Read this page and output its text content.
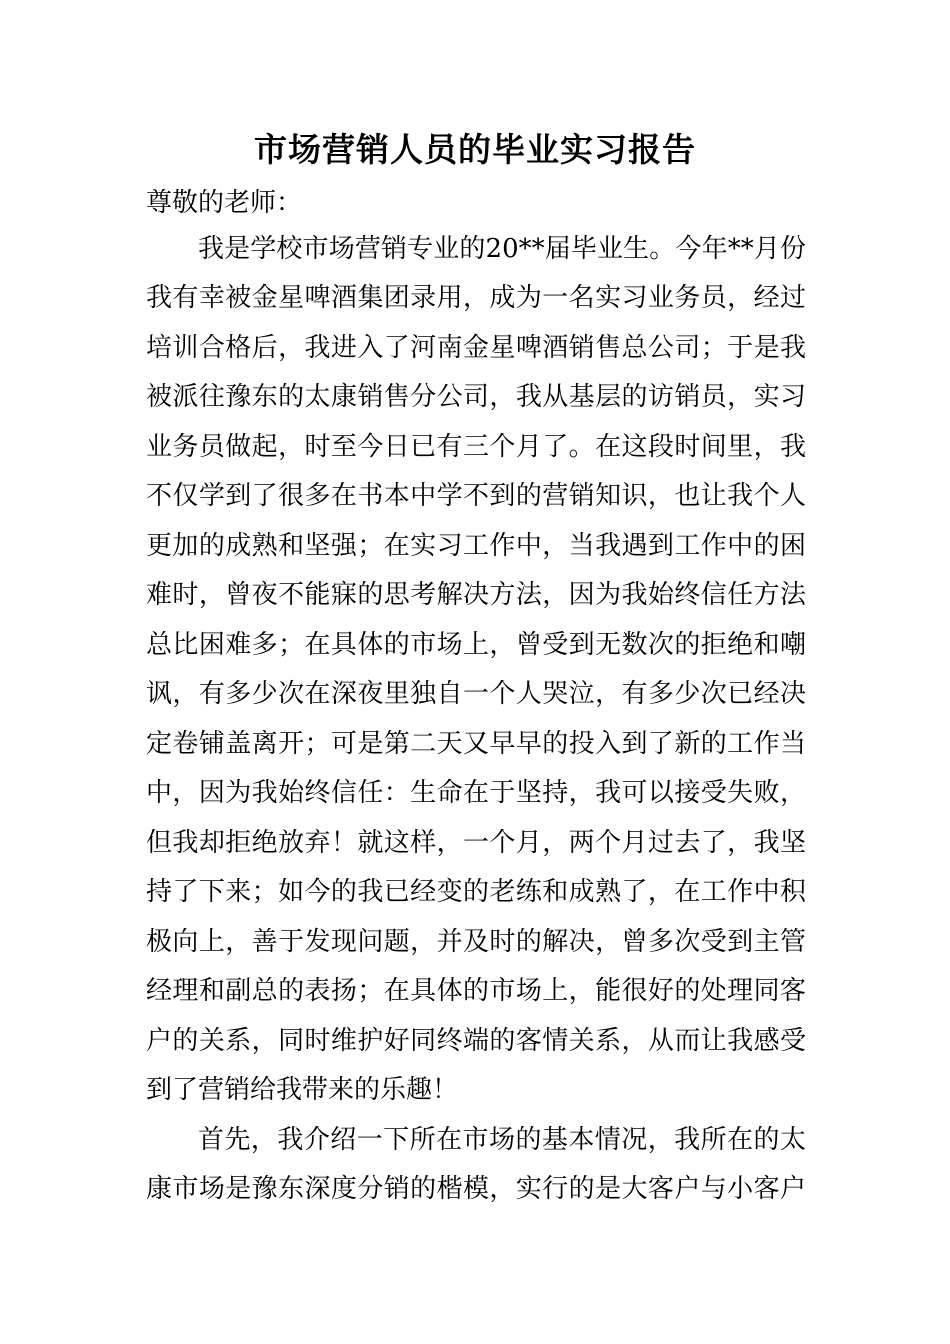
市场营销人员的毕业实习报告

尊敬的老师：

我是学校市场营销专业的20**届毕业生。今年**月份

我有幸被金星啤酒集团录用，成为一名实习业务员，经过

培训合格后，我进入了河南金星啤酒销售总公司；于是我

被派往豫东的太康销售分公司，我从基层的访销员，实习

业务员做起，时至今日已有三个月了。在这段时间里，我

不仅学到了很多在书本中学不到的营销知识，也让我个人

更加的成熟和坚强；在实习工作中，当我遇到工作中的困

难时，曾夜不能寐的思考解决方法，因为我始终信任方法

总比困难多；在具体的市场上，曾受到无数次的拒绝和嘲

讽，有多少次在深夜里独自一个人哭泣，有多少次已经决

定卷铺盖离开；可是第二天又早早的投入到了新的工作当

中，因为我始终信任：生命在于坚持，我可以接受失败，

但我却拒绝放弃！就这样，一个月，两个月过去了，我坚

持了下来；如今的我已经变的老练和成熟了，在工作中积

极向上，善于发现问题，并及时的解决，曾多次受到主管

经理和副总的表扬；在具体的市场上，能很好的处理同客

户的关系，同时维护好同终端的客情关系，从而让我感受

到了营销给我带来的乐趣！

首先，我介绍一下所在市场的基本情况，我所在的太

康市场是豫东深度分销的楷模，实行的是大客户与小客户
